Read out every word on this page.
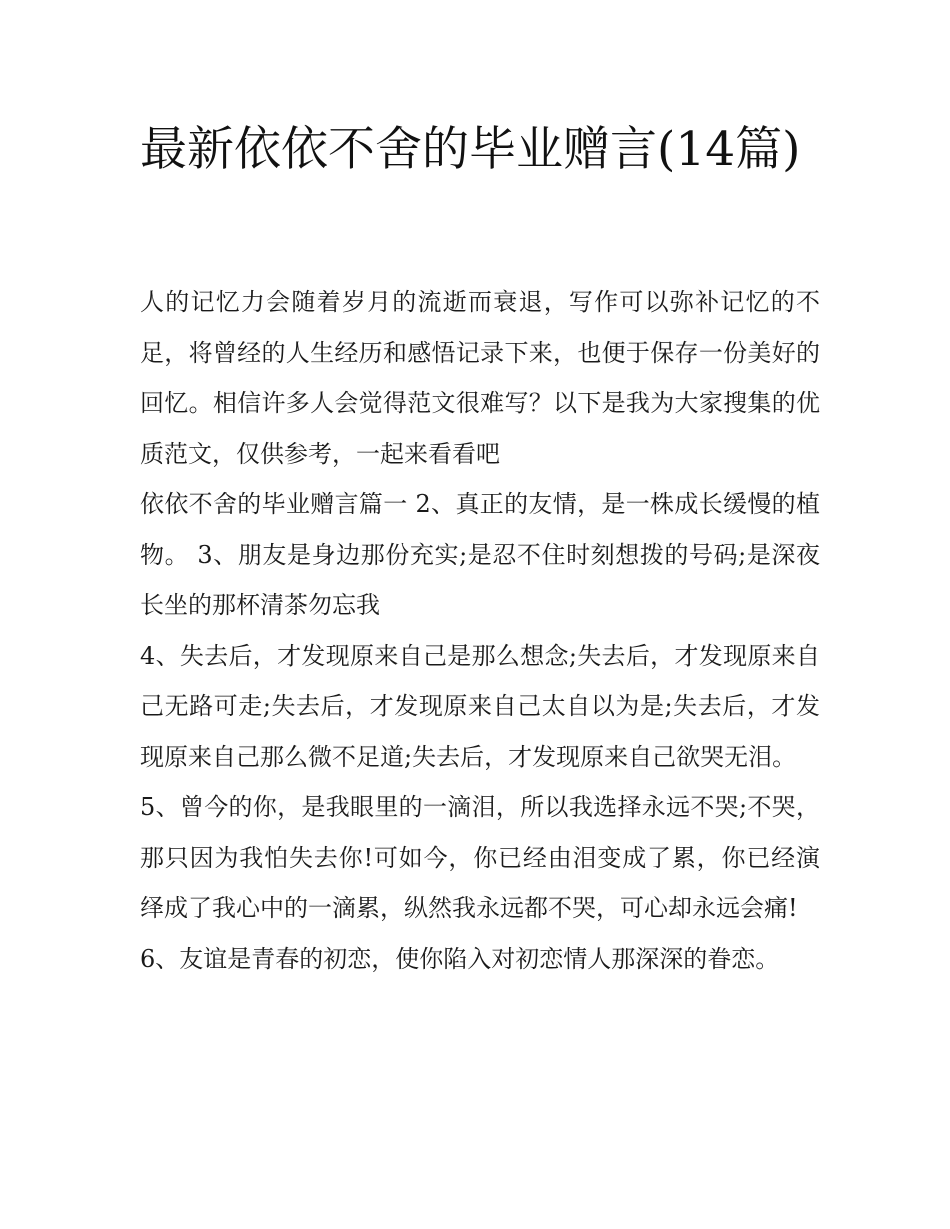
最新依依不舍的毕业赠言(14篇)

人的记忆力会随着岁月的流逝而衰退，写作可以弥补记忆的不足，将曾经的人生经历和感悟记录下来，也便于保存一份美好的回忆。相信许多人会觉得范文很难写？以下是我为大家搜集的优质范文，仅供参考，一起来看看吧

依依不舍的毕业赠言篇一 2、真正的友情，是一株成长缓慢的植物。 3、朋友是身边那份充实;是忍不住时刻想拨的号码;是深夜长坐的那杯清茶勿忘我

4、失去后，才发现原来自己是那么想念;失去后，才发现原来自己无路可走;失去后，才发现原来自己太自以为是;失去后，才发现原来自己那么微不足道;失去后，才发现原来自己欲哭无泪。

5、曾今的你，是我眼里的一滴泪，所以我选择永远不哭;不哭，那只因为我怕失去你!可如今，你已经由泪变成了累，你已经演绎成了我心中的一滴累，纵然我永远都不哭，可心却永远会痛!

6、友谊是青春的初恋，使你陷入对初恋情人那深深的眷恋。
